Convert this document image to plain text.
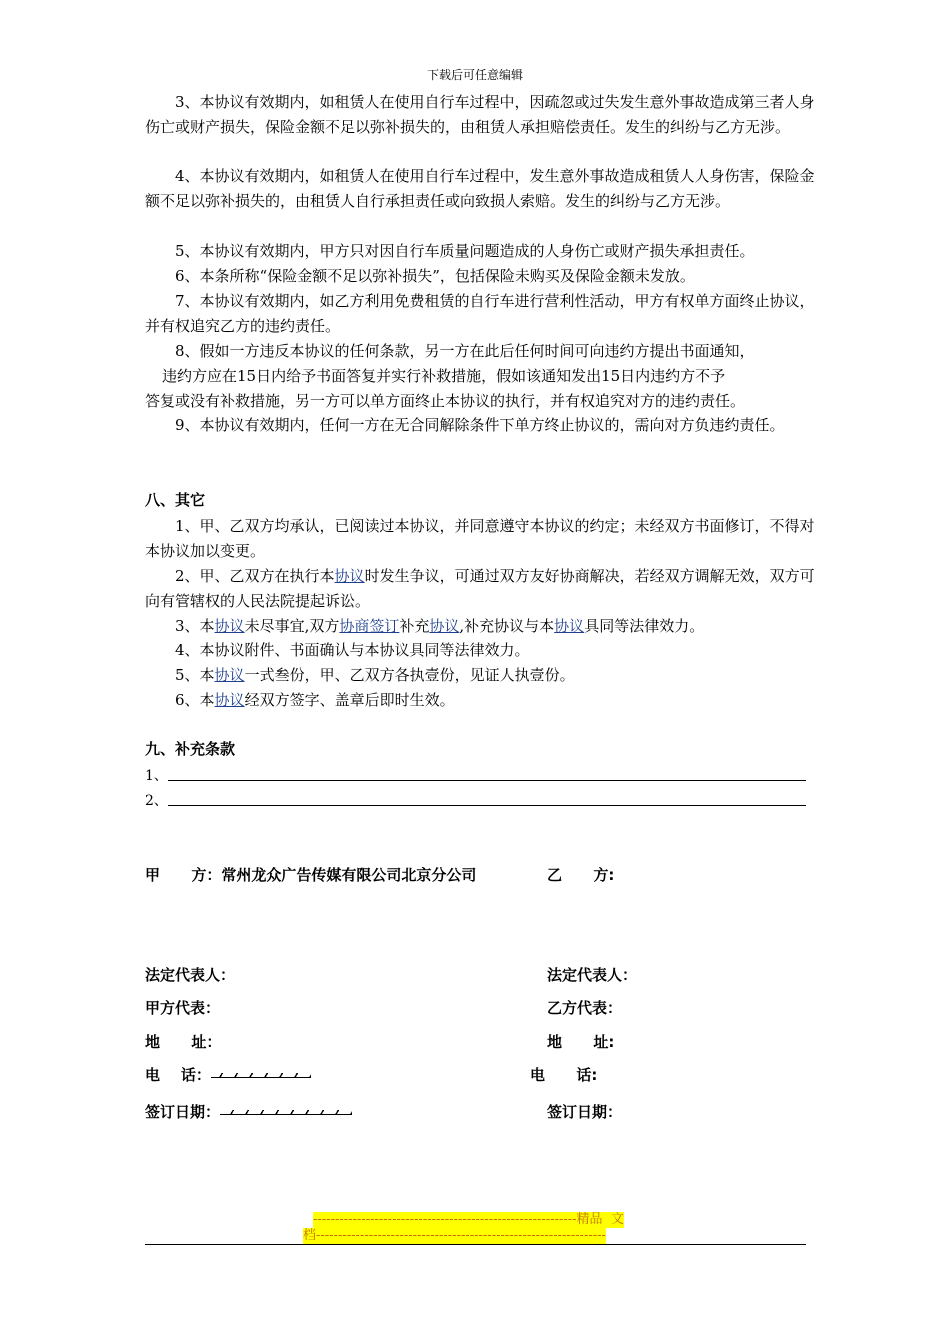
下载后可任意编辑
3、本协议有效期内，如租赁人在使用自行车过程中，因疏忽或过失发生意外事故造成第三者人身伤亡或财产损失，保险金额不足以弥补损失的，由租赁人承担赔偿责任。发生的纠纷与乙方无涉。
4、本协议有效期内，如租赁人在使用自行车过程中，发生意外事故造成租赁人人身伤害，保险金额不足以弥补损失的，由租赁人自行承担责任或向致损人索赔。发生的纠纷与乙方无涉。
5、本协议有效期内，甲方只对因自行车质量问题造成的人身伤亡或财产损失承担责任。
6、本条所称“保险金额不足以弥补损失”，包括保险未购买及保险金额未发放。
7、本协议有效期内，如乙方利用免费租赁的自行车进行营利性活动，甲方有权单方面终止协议，并有权追究乙方的违约责任。
8、假如一方违反本协议的任何条款，另一方在此后任何时间可向违约方提出书面通知，
违约方应在15日内给予书面答复并实行补救措施，假如该通知发出15日内违约方不予
答复或没有补救措施，另一方可以单方面终止本协议的执行，并有权追究对方的违约责任。
9、本协议有效期内，任何一方在无合同解除条件下单方终止协议的，需向对方负违约责任。
八、其它
1、甲、乙双方均承认，已阅读过本协议，并同意遵守本协议的约定；未经双方书面修订，不得对本协议加以变更。
2、甲、乙双方在执行本协议时发生争议，可通过双方友好协商解决，若经双方调解无效，双方可向有管辖权的人民法院提起诉讼。
3、本协议未尽事宜,双方协商签订补充协议,补充协议与本协议具同等法律效力。
4、本协议附件、书面确认与本协议具同等法律效力。
5、本协议一式叁份，甲、乙双方各执壹份，见证人执壹份。
6、本协议经双方签字、盖章后即时生效。
九、补充条款
1、
2、
甲      方：常州龙众广告传媒有限公司北京分公司	乙      方:
法定代表人：	法定代表人：
甲方代表：	乙方代表：
地      址：	地      址:
电    话：	电      话:
签订日期：	签订日期：
------------------------------------------------------------精品  文
档------------------------------------------------------------------
